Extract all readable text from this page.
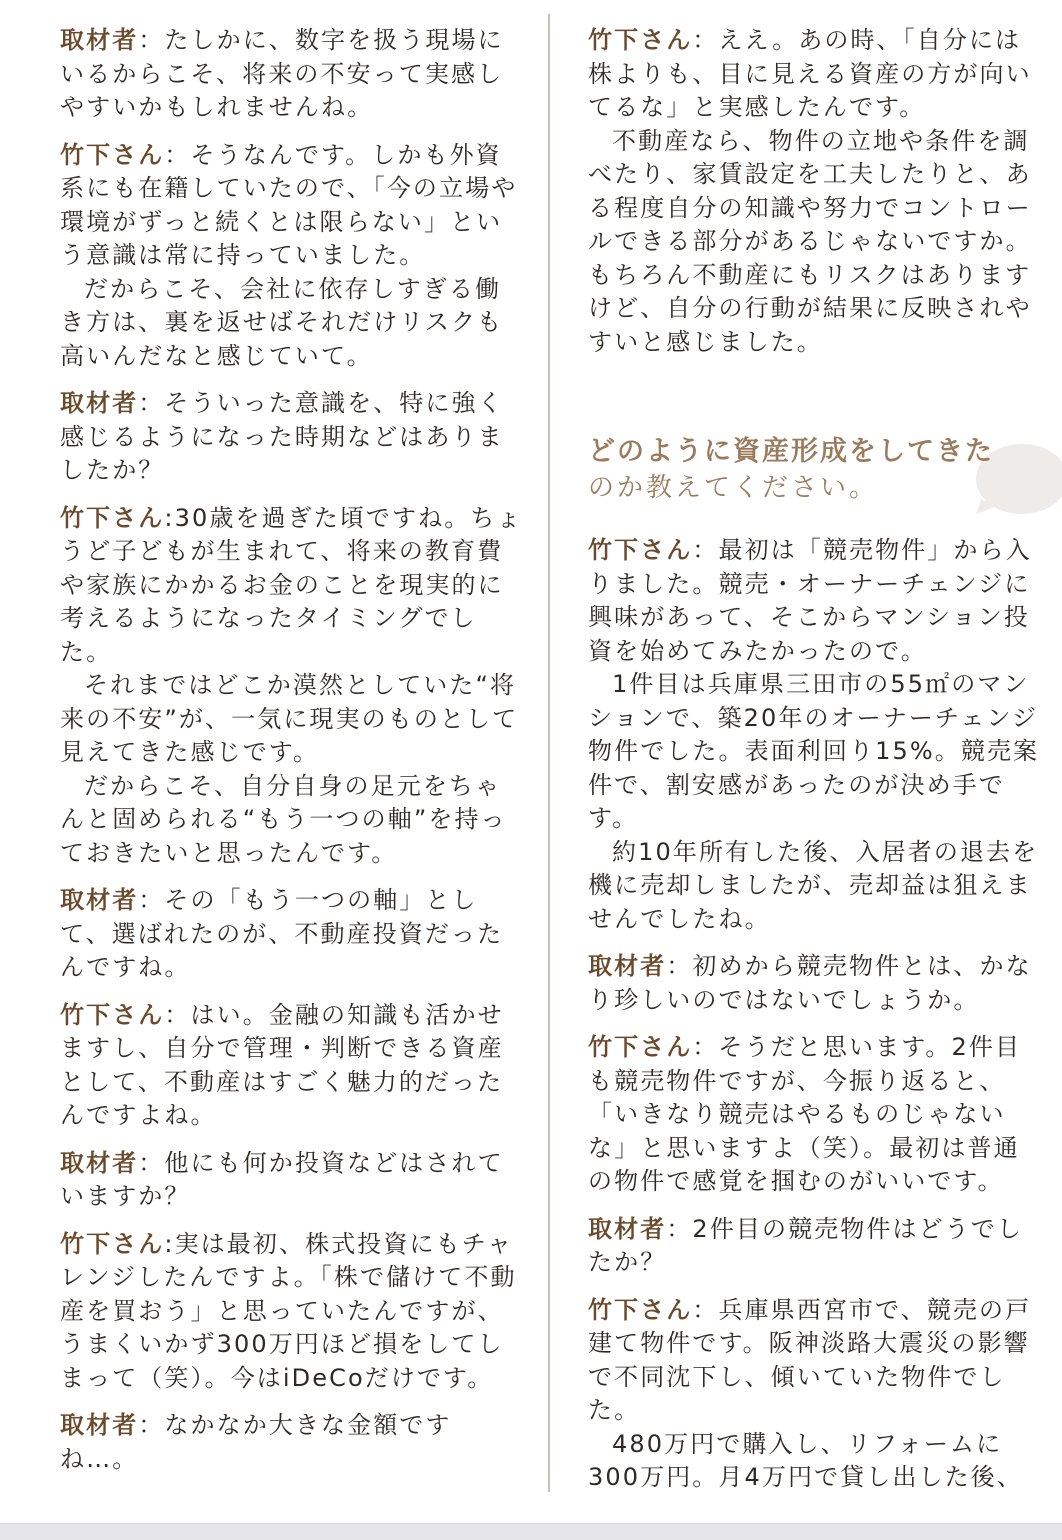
取材者：たしかに、数字を扱う現場にいるからこそ、将来の不安って実感しやすいかもしれませんね。

竹下さん：そうなんです。しかも外資系にも在籍していたので、「今の立場や環境がずっと続くとは限らない」という意識は常に持っていました。

だからこそ、会社に依存しすぎる働き方は、裏を返せばそれだけリスクも高いんだなと感じていて。

取材者：そういった意識を、特に強く感じるようになった時期などはありましたか？

竹下さん:30歳を過ぎた頃ですね。ちょうど子どもが生まれて、将来の教育費や家族にかかるお金のことを現実的に考えるようになったタイミングでした。

それまではどこか漠然としていた“将来の不安”が、一気に現実のものとして見えてきた感じです。

だからこそ、自分自身の足元をちゃんと固められる“もう一つの軸”を持っておきたいと思ったんです。

取材者：その「もう一つの軸」として、選ばれたのが、不動産投資だったんですね。

竹下さん：はい。金融の知識も活かせますし、自分で管理・判断できる資産として、不動産はすごく魅力的だったんですよね。

取材者：他にも何か投資などはされていますか？

竹下さん:実は最初、株式投資にもチャレンジしたんですよ。「株で儲けて不動産を買おう」と思っていたんですが、うまくいかず300万円ほど損をしてしまって（笑）。今はiDeCoだけです。

取材者：なかなか大きな金額ですね…。

竹下さん：ええ。あの時、「自分には株よりも、目に見える資産の方が向いてるな」と実感したんです。

不動産なら、物件の立地や条件を調べたり、家賃設定を工夫したりと、ある程度自分の知識や努力でコントロールできる部分があるじゃないですか。もちろん不動産にもリスクはありますけど、自分の行動が結果に反映されやすいと感じました。

どのように資産形成をしてきた
のか教えてください。

竹下さん：最初は「競売物件」から入りました。競売・オーナーチェンジに興味があって、そこからマンション投資を始めてみたかったので。

1件目は兵庫県三田市の55㎡のマンションで、築20年のオーナーチェンジ物件でした。表面利回り15%。競売案件で、割安感があったのが決め手です。

約10年所有した後、入居者の退去を機に売却しましたが、売却益は狙えませんでしたね。

取材者：初めから競売物件とは、かなり珍しいのではないでしょうか。

竹下さん：そうだと思います。2件目も競売物件ですが、今振り返ると、「いきなり競売はやるものじゃないな」と思いますよ（笑）。最初は普通の物件で感覚を掴むのがいいです。

取材者：2件目の競売物件はどうでしたか？

竹下さん：兵庫県西宮市で、競売の戸建て物件です。阪神淡路大震災の影響で不同沈下し、傾いていた物件でした。

480万円で購入し、リフォームに300万円。月4万円で貸し出した後、
